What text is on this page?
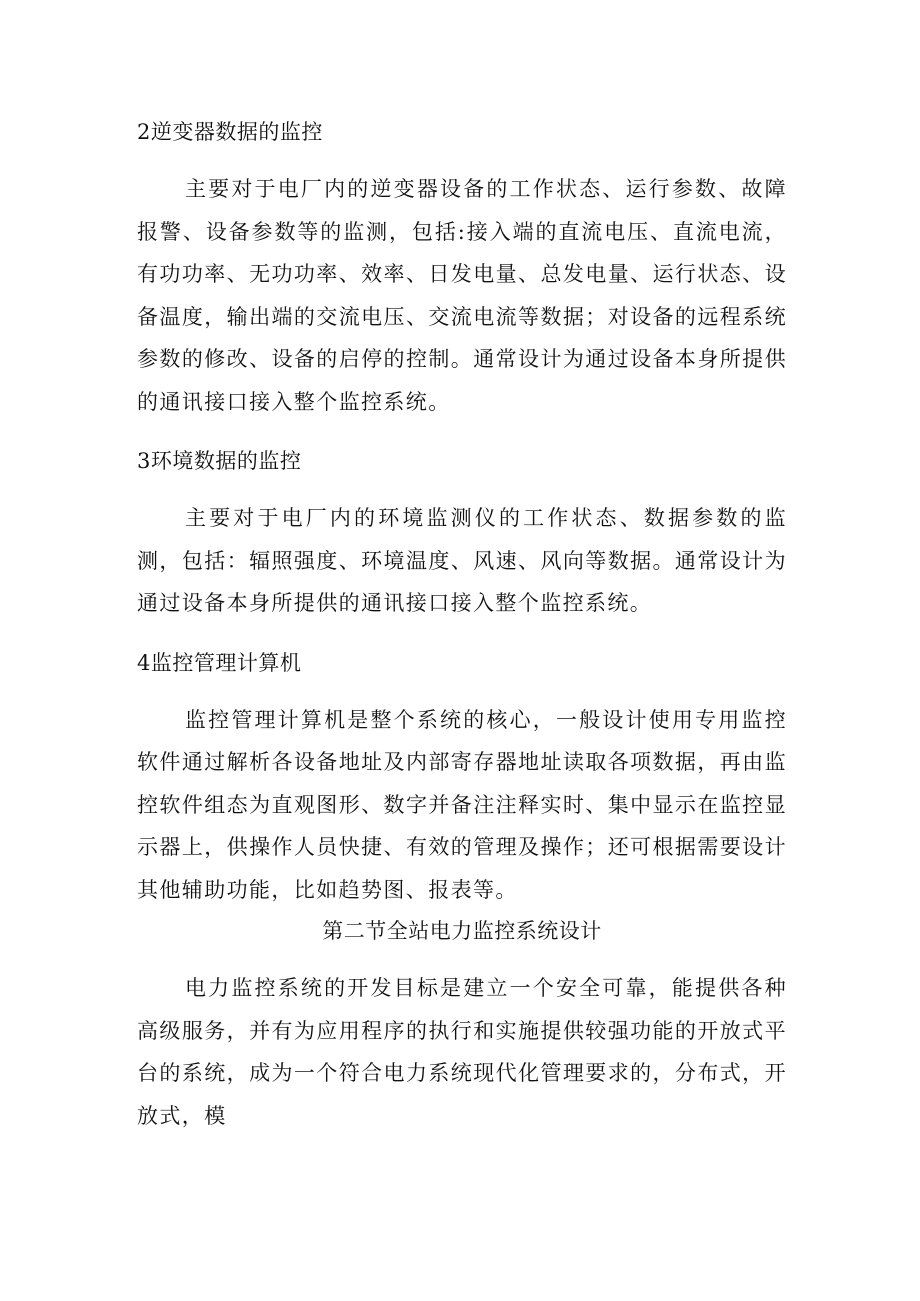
2逆变器数据的监控

主要对于电厂内的逆变器设备的工作状态、运行参数、故障报警、设备参数等的监测，包括:接入端的直流电压、直流电流，有功功率、无功功率、效率、日发电量、总发电量、运行状态、设备温度，输出端的交流电压、交流电流等数据；对设备的远程系统参数的修改、设备的启停的控制。通常设计为通过设备本身所提供的通讯接口接入整个监控系统。

3环境数据的监控

主要对于电厂内的环境监测仪的工作状态、数据参数的监测，包括：辐照强度、环境温度、风速、风向等数据。通常设计为通过设备本身所提供的通讯接口接入整个监控系统。

4监控管理计算机

监控管理计算机是整个系统的核心，一般设计使用专用监控软件通过解析各设备地址及内部寄存器地址读取各项数据，再由监控软件组态为直观图形、数字并备注注释实时、集中显示在监控显示器上，供操作人员快捷、有效的管理及操作；还可根据需要设计其他辅助功能，比如趋势图、报表等。

第二节全站电力监控系统设计

电力监控系统的开发目标是建立一个安全可靠，能提供各种高级服务，并有为应用程序的执行和实施提供较强功能的开放式平台的系统，成为一个符合电力系统现代化管理要求的，分布式，开放式，模
